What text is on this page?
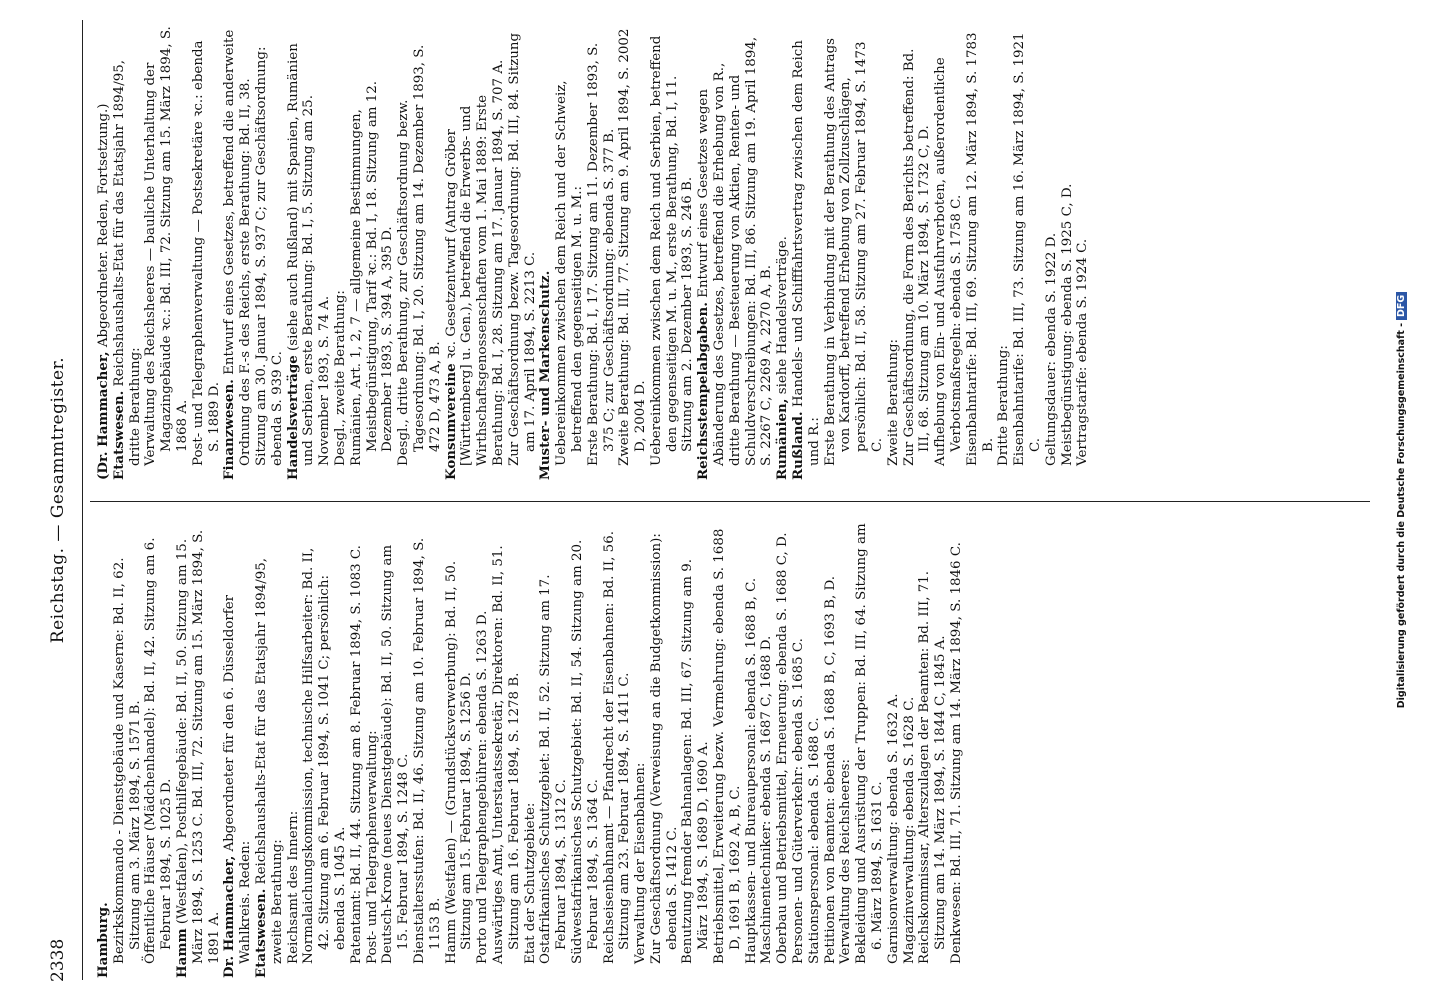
2338
Reichstag. — Gesammtregister.

Hamburg. Bezirkskommando - Dienstgebäude und Kaserne: Bd. II, 62. Sitzung am 3. März 1894, S. 1571 B. Öffentliche Häuser (Mädchenhandel): Bd. II, 42. Sitzung am 6. Februar 1894, S. 1025 D.

Hamm (Westfalen), Posthilfegebäude: Bd. II, 50. Sitzung am 15. März 1894, S. 1253 C. Bd. III, 72. Sitzung am 15. März 1894, S. 1891 A. Dr. Hammacher, Abgeordneter für den 6. Düsseldorfer Wahlkreis. Reden: Etatswesen. Reichshaushalts-Etat für das Etatsjahr 1894/95, zweite Berathung: Reichsamt des Innern: Normalaichungskommission, technische Hilfsarbeiter: Bd. II, 42. Sitzung am 6. Februar 1894, S. 1041 C; persönlich: ebenda S. 1045 A. Patentamt: Bd. II, 44. Sitzung am 8. Februar 1894, S. 1083 C. Post- und Telegraphenverwaltung: Deutsch-Krone (neues Dienstgebäude): Bd. II, 50. Sitzung am 15. Februar 1894, S. 1248 C. Dienstaltersstufen: Bd. II, 46. Sitzung am 10. Februar 1894, S. 1153 B. Hamm (Westfalen) — (Grundstücksverwerbung): Bd. II, 50. Sitzung am 15. Februar 1894, S. 1256 D. Porto und Telegraphengebühren: ebenda S. 1263 D. Auswärtiges Amt, Unterstaatssekretär, Direktoren: Bd. II, 51. Sitzung am 16. Februar 1894, S. 1278 B. Etat der Schutzgebiete: Ostafrikanisches Schutzgebiet: Bd. II, 52. Sitzung am 17. Februar 1894, S. 1312 C. Südwestafrikanisches Schutzgebiet: Bd. II, 54. Sitzung am 20. Februar 1894, S. 1364 C. Reichseisenbahnamt — Pfandrecht der Eisenbahnen: Bd. II, 56. Sitzung am 23. Februar 1894, S. 1411 C. Verwaltung der Eisenbahnen: Zur Geschäftsordnung (Verweisung an die Budgetkommission): ebenda S. 1412 C. Benutzung fremder Bahnanlagen: Bd. III, 67. Sitzung am 9. März 1894, S. 1689 D, 1690 A. Betriebsmittel, Erweiterung bezw. Vermehrung: ebenda S. 1688 D, 1691 B, 1692 A, B, C. Hauptkassen- und Bureaupersonal: ebenda S. 1688 B, C. Maschinentechniker: ebenda S. 1687 C, 1688 D. Oberbau und Betriebsmittel, Erneuerung: ebenda S. 1688 C, D. Personen- und Güterverkehr: ebenda S. 1685 C. Stationspersonal: ebenda S. 1688 C. Petitionen von Beamten: ebenda S. 1688 B, C, 1693 B, D. Verwaltung des Reichsheeres: Bekleidung und Ausrüstung der Truppen: Bd. III, 64. Sitzung am 6. März 1894, S. 1631 C. Garnisonverwaltung: ebenda S. 1632 A. Magazinverwaltung: ebenda S. 1628 C. Reichskommissar, Alterszulagen der Beamten: Bd. III, 71. Sitzung am 14. März 1894, S. 1844 C, 1845 A. Denkwesen: Bd. III, 71. Sitzung am 14. März 1894, S. 1846 C.

(Dr. Hammacher, Abgeordneter. Reden, Fortsetzung.)

Etatswesen. Reichshaushalts-Etat für das Etatsjahr 1894/95, dritte Berathung: Verwaltung des Reichsheeres — bauliche Unterhaltung der Magazingebäude ꝛc.: Bd. III, 72. Sitzung am 15. März 1894, S. 1868 A. Post- und Telegraphenverwaltung — Postsekretäre ꝛc.: ebenda S. 1889 D. Finanzwesen. Entwurf eines Gesetzes, betreffend die anderweite Ordnung des F.-s des Reichs, erste Berathung: Bd. II, 38. Sitzung am 30. Januar 1894, S. 937 C; zur Geschäftsordnung: ebenda S. 939 C. Handelsverträge (siehe auch Rußland) mit Spanien, Rumänien und Serbien, erste Berathung: Bd. I, 5. Sitzung am 25. November 1893, S. 74 A. Desgl., zweite Berathung: Rumänien, Art. 1, 2, 7 — allgemeine Bestimmungen, Meistbegünstigung, Tarif ꝛc.: Bd. I, 18. Sitzung am 12. Dezember 1893, S. 394 A, 395 D. Desgl., dritte Berathung, zur Geschäftsordnung bezw. Tagesordnung: Bd. I, 20. Sitzung am 14. Dezember 1893, S. 472 D, 473 A, B. Konsumvereine ꝛc. Gesetzentwurf (Antrag Gröber [Württemberg] u. Gen.), betreffend die Erwerbs- und Wirthschaftsgenossenschaften vom 1. Mai 1889: Erste Berathung: Bd. I, 28. Sitzung am 17. Januar 1894, S. 707 A. Zur Geschäftsordnung bezw. Tagesordnung: Bd. III, 84. Sitzung am 17. April 1894, S. 2213 C. Muster- und Markenschutz. Uebereinkommen zwischen dem Reich und der Schweiz, betreffend den gegenseitigen M. u. M.: Erste Berathung: Bd. I, 17. Sitzung am 11. Dezember 1893, S. 375 C; zur Geschäftsordnung: ebenda S. 377 B. Zweite Berathung: Bd. III, 77. Sitzung am 9. April 1894, S. 2002 D, 2004 D. Uebereinkommen zwischen dem Reich und Serbien, betreffend den gegenseitigen M. u. M., erste Berathung, Bd. I, 11. Sitzung am 2. Dezember 1893, S. 246 B. Reichsstempelabgaben. Entwurf eines Gesetzes wegen Abänderung des Gesetzes, betreffend die Erhebung von R., dritte Berathung — Besteuerung von Aktien, Renten- und Schuldverschreibungen: Bd. III, 86. Sitzung am 19. April 1894, S. 2267 C, 2269 A, 2270 A, B. Rumänien, siehe Handelsverträge.

Rußland. Handels- und Schifffahrtsvertrag zwischen dem Reich und R.: Erste Berathung in Verbindung mit der Berathung des Antrags von Kardorff, betreffend Erhebung von Zollzuschlägen, persönlich: Bd. II, 58. Sitzung am 27. Februar 1894, S. 1473 C. Zweite Berathung: Zur Geschäftsordnung, die Form des Berichts betreffend: Bd. III, 68. Sitzung am 10. März 1894, S. 1732 C, D. Aufhebung von Ein- und Ausfuhrverboten, außerordentliche Verbotsmaßregeln: ebenda S. 1758 C. Eisenbahntarife: Bd. III, 69. Sitzung am 12. März 1894, S. 1783 B. Dritte Berathung: Eisenbahntarife: Bd. III, 73. Sitzung am 16. März 1894, S. 1921 C. Geltungsdauer: ebenda S. 1922 D. Meistbegünstigung: ebenda S. 1925 C, D. Vertragstarife: ebenda S. 1924 C.	Digitalisierung gefördert durch die Deutsche Forschungsgemeinschaft -DFG
